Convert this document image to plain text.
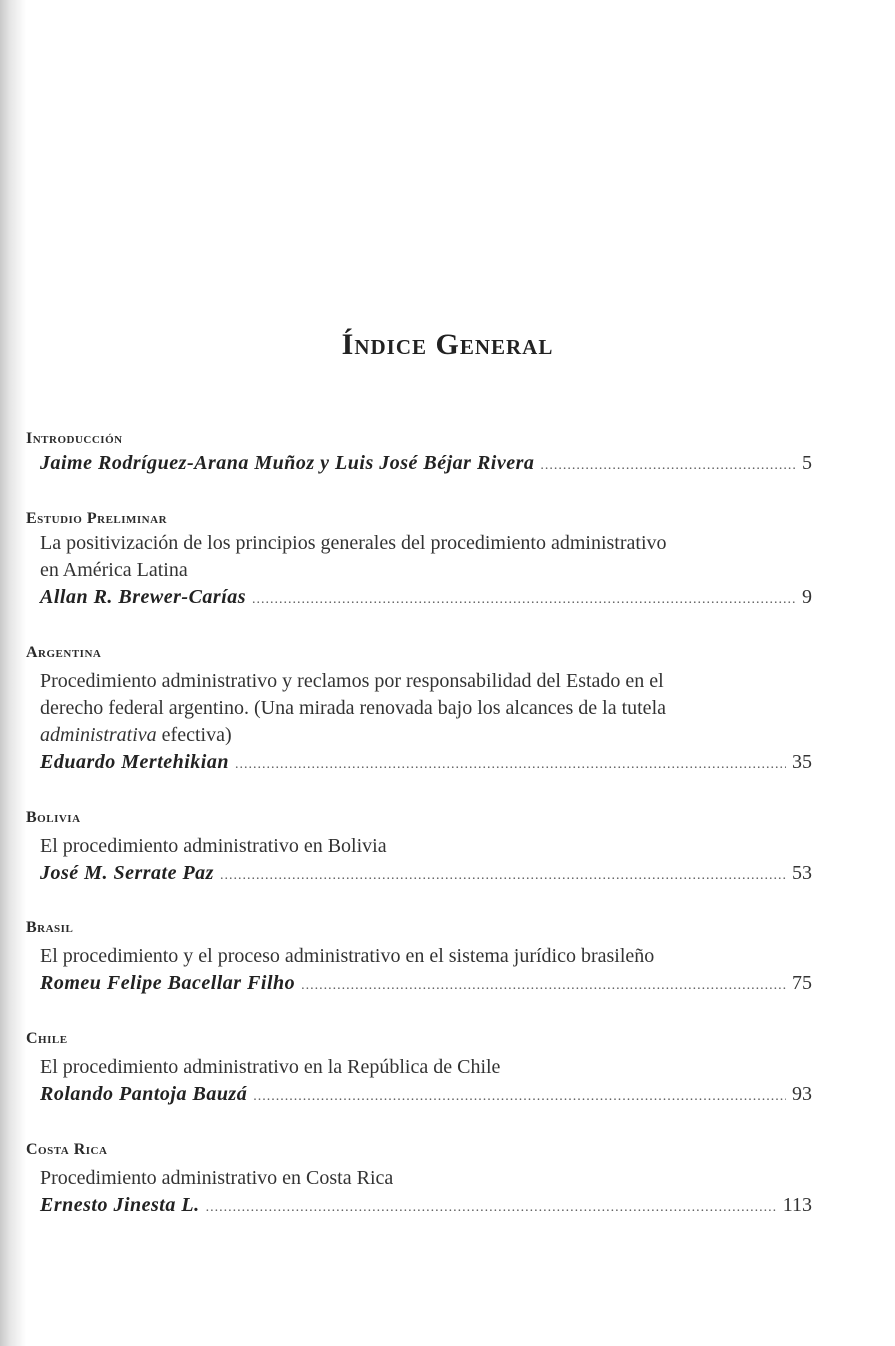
Índice General
Introducción
Jaime Rodríguez-Arana Muñoz y Luis José Béjar Rivera .....	5
Estudio Preliminar
La positivización de los principios generales del procedimiento administrativo
en América Latina
Allan R. Brewer-Carías .....	9
Argentina
Procedimiento administrativo y reclamos por responsabilidad del Estado en el
derecho federal argentino. (Una mirada renovada bajo los alcances de la tutela
administrativa efectiva)
Eduardo Mertehikian .....	35
Bolivia
El procedimiento administrativo en Bolivia
José M. Serrate Paz .....	53
Brasil
El procedimiento y el proceso administrativo en el sistema jurídico brasileño
Romeu Felipe Bacellar Filho .....	75
Chile
El procedimiento administrativo en la República de Chile
Rolando Pantoja Bauzá .....	93
Costa Rica
Procedimiento administrativo en Costa Rica
Ernesto Jinesta L. .....	113
